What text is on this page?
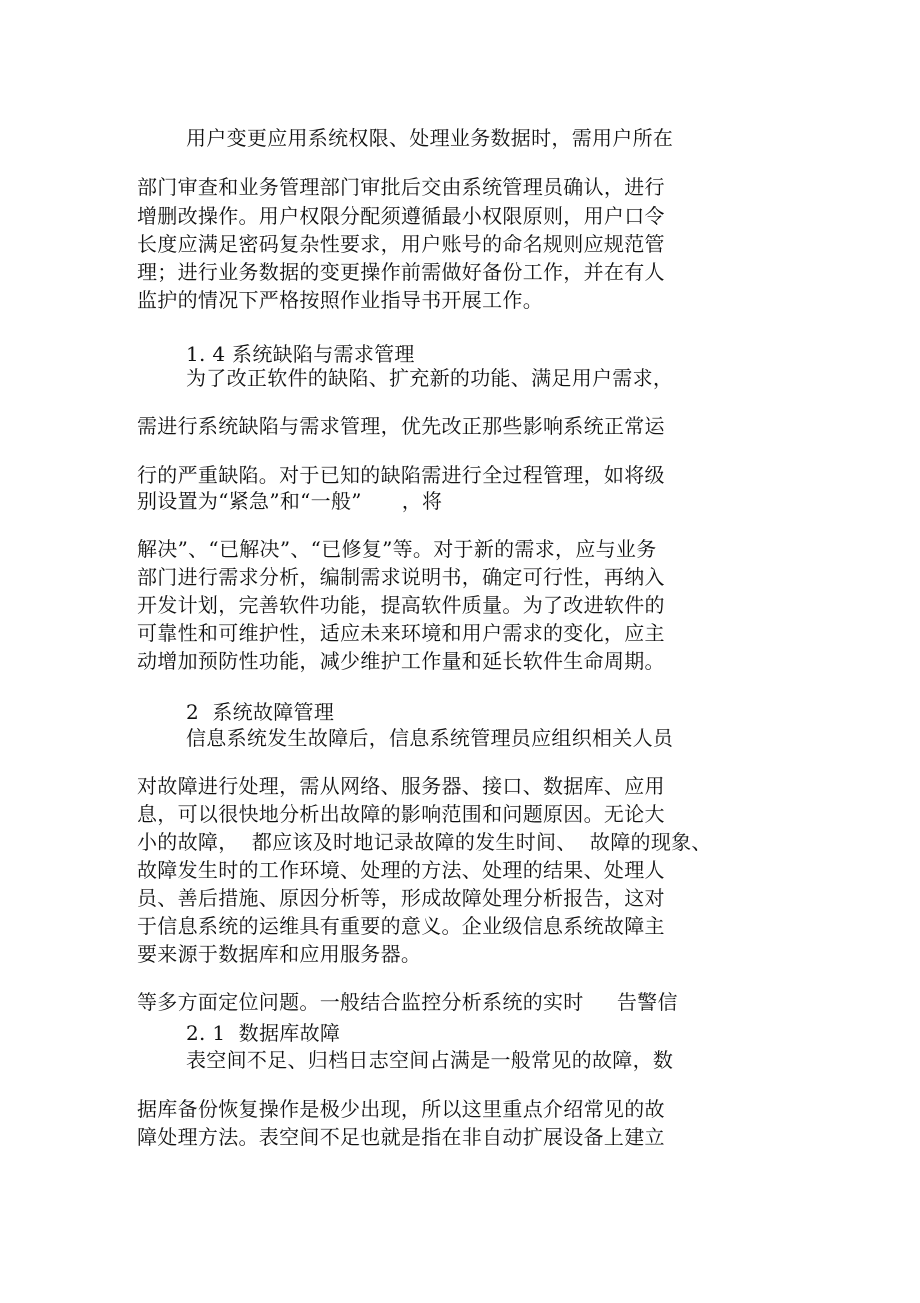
用户变更应用系统权限、处理业务数据时，需用户所在
部门审查和业务管理部门审批后交由系统管理员确认，进行
增删改操作。用户权限分配须遵循最小权限原则，用户口令
长度应满足密码复杂性要求，用户账号的命名规则应规范管
理；进行业务数据的变更操作前需做好备份工作，并在有人
监护的情况下严格按照作业指导书开展工作。
1. 4 系统缺陷与需求管理
为了改正软件的缺陷、扩充新的功能、满足用户需求，
需进行系统缺陷与需求管理，优先改正那些影响系统正常运
行的严重缺陷。对于已知的缺陷需进行全过程管理，如将级
别设置为“紧急”和“一般”      ，将
解决”、“已解决”、“已修复”等。对于新的需求，应与业务
部门进行需求分析，编制需求说明书，确定可行性，再纳入
开发计划，完善软件功能，提高软件质量。为了改进软件的
可靠性和可维护性，适应未来环境和用户需求的变化，应主
动增加预防性功能，减少维护工作量和延长软件生命周期。
2  系统故障管理
信息系统发生故障后，信息系统管理员应组织相关人员
对故障进行处理，需从网络、服务器、接口、数据库、应用
息，可以很快地分析出故障的影响范围和问题原因。无论大
小的故障，  都应该及时地记录故障的发生时间、  故障的现象、
故障发生时的工作环境、处理的方法、处理的结果、处理人
员、善后措施、原因分析等，形成故障处理分析报告，这对
于信息系统的运维具有重要的意义。企业级信息系统故障主
要来源于数据库和应用服务器。
等多方面定位问题。一般结合监控分析系统的实时     告警信
2. 1  数据库故障
表空间不足、归档日志空间占满是一般常见的故障，数
据库备份恢复操作是极少出现，所以这里重点介绍常见的故
障处理方法。表空间不足也就是指在非自动扩展设备上建立
